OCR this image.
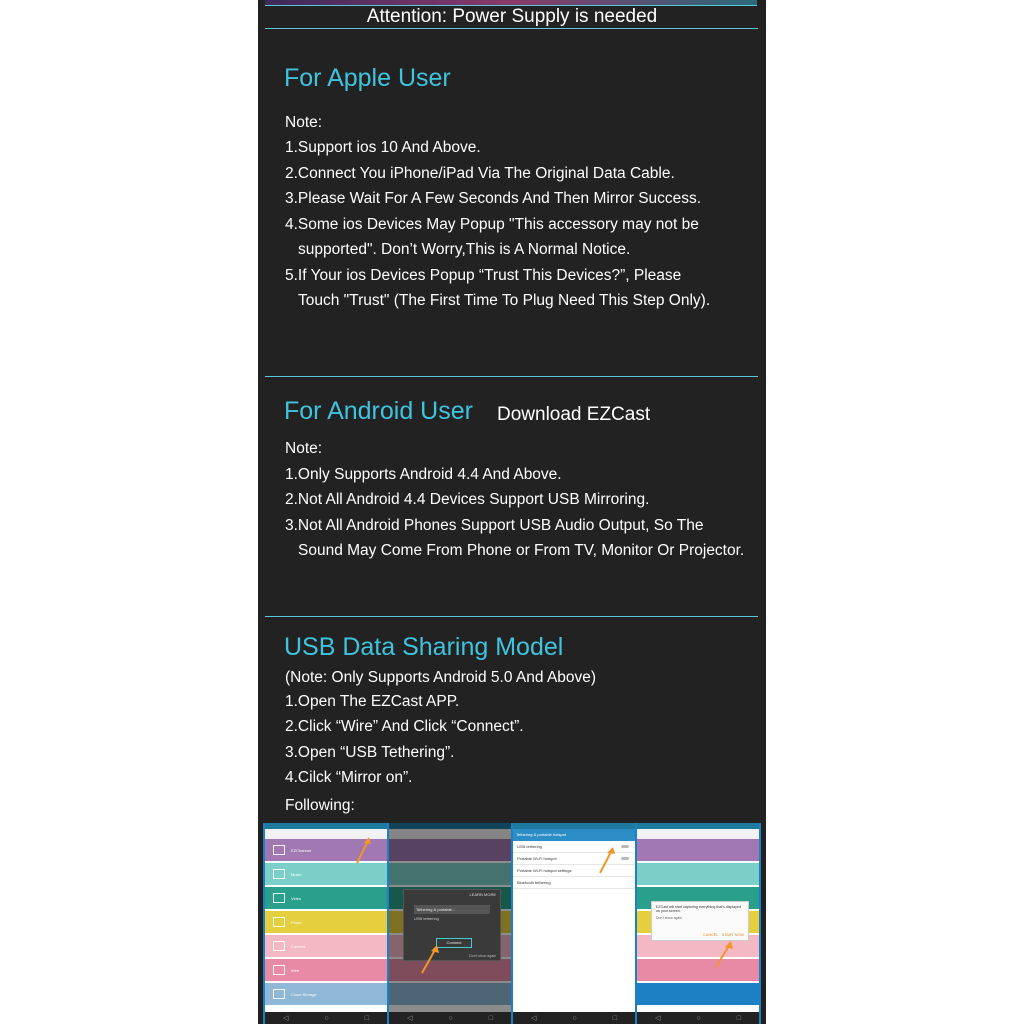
Attention: Power Supply is needed
For Apple User
Note:
1.Support ios 10 And Above.
2.Connect You iPhone/iPad Via The Original Data Cable.
3.Please Wait For A Few Seconds And Then Mirror Success.
4.Some ios Devices May Popup "This accessory may not be
supported". Don’t Worry,This is A Normal Notice.
5.If Your ios Devices Popup “Trust This Devices?”, Please
Touch "Trust" (The First Time To Plug Need This Step Only).
For Android User Download EZCast
Note:
1.Only Supports Android 4.4 And Above.
2.Not All Android 4.4 Devices Support USB Mirroring.
3.Not All Android Phones Support USB Audio Output, So The
Sound May Come From Phone or From TV, Monitor Or Projector.
USB Data Sharing Model
(Note: Only Supports Android 5.0 And Above)
1.Open The EZCast APP.
2.Click “Wire” And Click “Connect”.
3.Open “USB Tethering”.
4.Cilck “Mirror on”.
Following:
EZChannel
Music
Video
Photo
Camera
Web
Cloud Storage
◁	○	□
LEARN MORE
Tethering & portable...
USB tethering
Connect
Don't show again
◁	○	□
Tethering & portable hotspot
USB tethering
Portable Wi-Fi hotspot
Portable Wi-Fi hotspot settings
Bluetooth tethering
◁	○	□
EZCast will start capturing everything that's displayed on your screen.
Don't show again
CANCEL START NOW
◁	○	□
